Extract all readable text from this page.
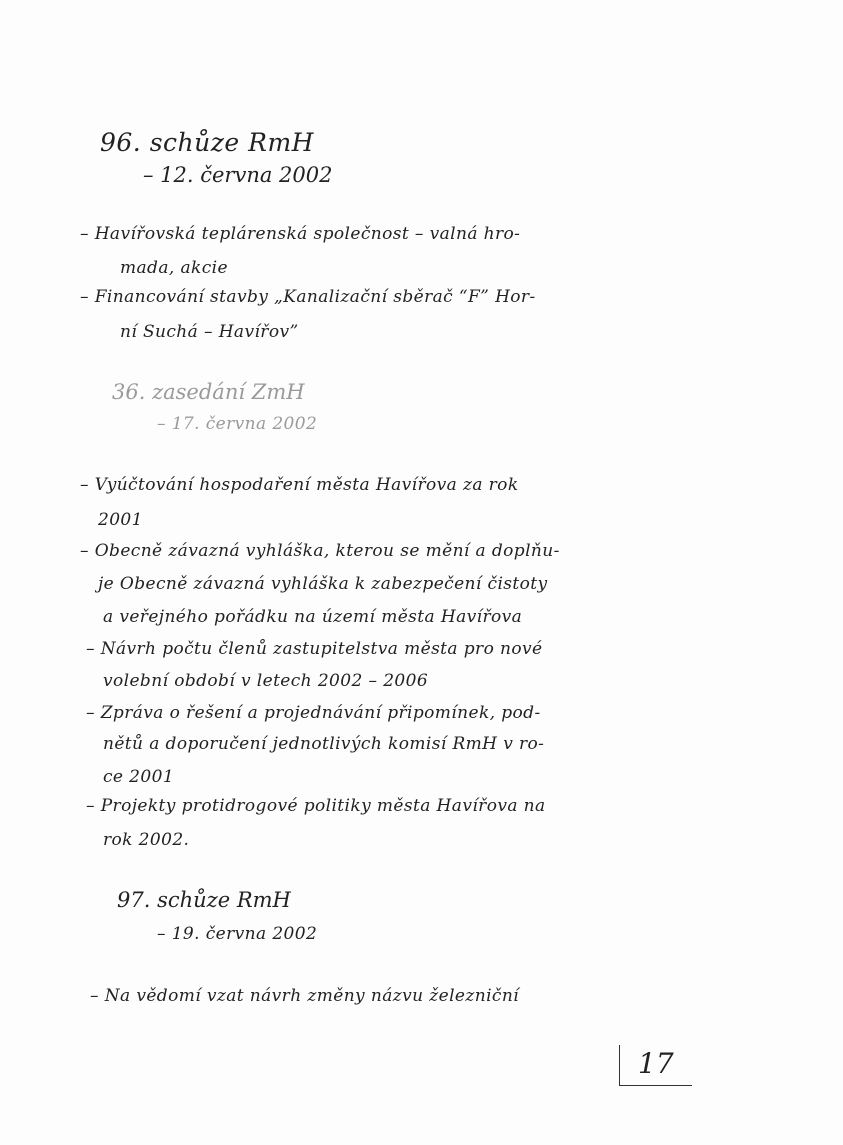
96. schůze RmH
– 12. června 2002
– Havířovská teplárenská společnost – valná hro-
mada, akcie
– Financování stavby „Kanalizační sběrač “F” Hor-
ní Suchá – Havířov”
36. zasedání ZmH
– 17. června 2002
– Vyúčtování hospodaření města Havířova za rok
2001
– Obecně závazná vyhláška, kterou se mění a doplňu-
je Obecně závazná vyhláška k zabezpečení čistoty
a veřejného pořádku na území města Havířova
– Návrh počtu členů zastupitelstva města pro nové
volební období v letech 2002 – 2006
– Zpráva o řešení a projednávání připomínek, pod-
nětů a doporučení jednotlivých komisí RmH v ro-
ce 2001
– Projekty protidrogové politiky města Havířova na
rok 2002.
97. schůze RmH
– 19. června 2002
– Na vědomí vzat návrh změny názvu železniční
17
